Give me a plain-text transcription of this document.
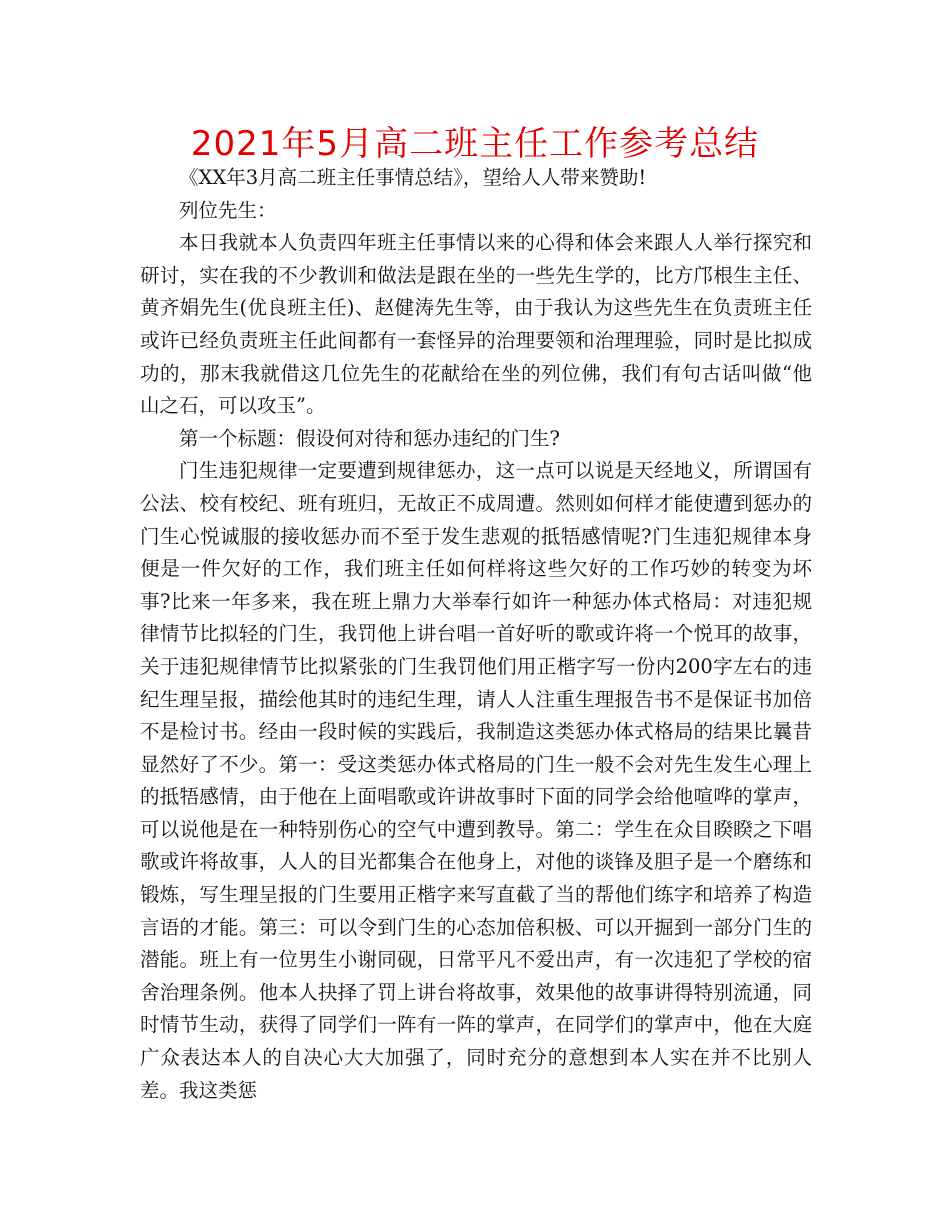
2021年5月高二班主任工作参考总结

《XX年3月高二班主任事情总结》，望给人人带来赞助!

列位先生：

本日我就本人负责四年班主任事情以来的心得和体会来跟人人举行探究和研讨，实在我的不少教训和做法是跟在坐的一些先生学的，比方邝根生主任、黄齐娟先生(优良班主任)、赵健涛先生等，由于我认为这些先生在负责班主任或许已经负责班主任此间都有一套怪异的治理要领和治理理验，同时是比拟成功的，那末我就借这几位先生的花献给在坐的列位佛，我们有句古话叫做“他山之石，可以攻玉”。

第一个标题：假设何对待和惩办违纪的门生?

门生违犯规律一定要遭到规律惩办，这一点可以说是天经地义，所谓国有公法、校有校纪、班有班归，无故正不成周遭。然则如何样才能使遭到惩办的门生心悦诚服的接收惩办而不至于发生悲观的抵牾感情呢?门生违犯规律本身便是一件欠好的工作，我们班主任如何样将这些欠好的工作巧妙的转变为坏事?比来一年多来，我在班上鼎力大举奉行如许一种惩办体式格局：对违犯规律情节比拟轻的门生，我罚他上讲台唱一首好听的歌或许将一个悦耳的故事，关于违犯规律情节比拟紧张的门生我罚他们用正楷字写一份内200字左右的违纪生理呈报，描绘他其时的违纪生理，请人人注重生理报告书不是保证书加倍不是检讨书。经由一段时候的实践后，我制造这类惩办体式格局的结果比曩昔显然好了不少。第一：受这类惩办体式格局的门生一般不会对先生发生心理上的抵牾感情，由于他在上面唱歌或许讲故事时下面的同学会给他喧哗的掌声，可以说他是在一种特别伤心的空气中遭到教导。第二：学生在众目睽睽之下唱歌或许将故事，人人的目光都集合在他身上，对他的谈锋及胆子是一个磨练和锻炼，写生理呈报的门生要用正楷字来写直截了当的帮他们练字和培养了构造言语的才能。第三：可以令到门生的心态加倍积极、可以开掘到一部分门生的潜能。班上有一位男生小谢同砚，日常平凡不爱出声，有一次违犯了学校的宿舍治理条例。他本人抉择了罚上讲台将故事，效果他的故事讲得特别流通，同时情节生动，获得了同学们一阵有一阵的掌声，在同学们的掌声中，他在大庭广众表达本人的自决心大大加强了，同时充分的意想到本人实在并不比别人差。我这类惩
